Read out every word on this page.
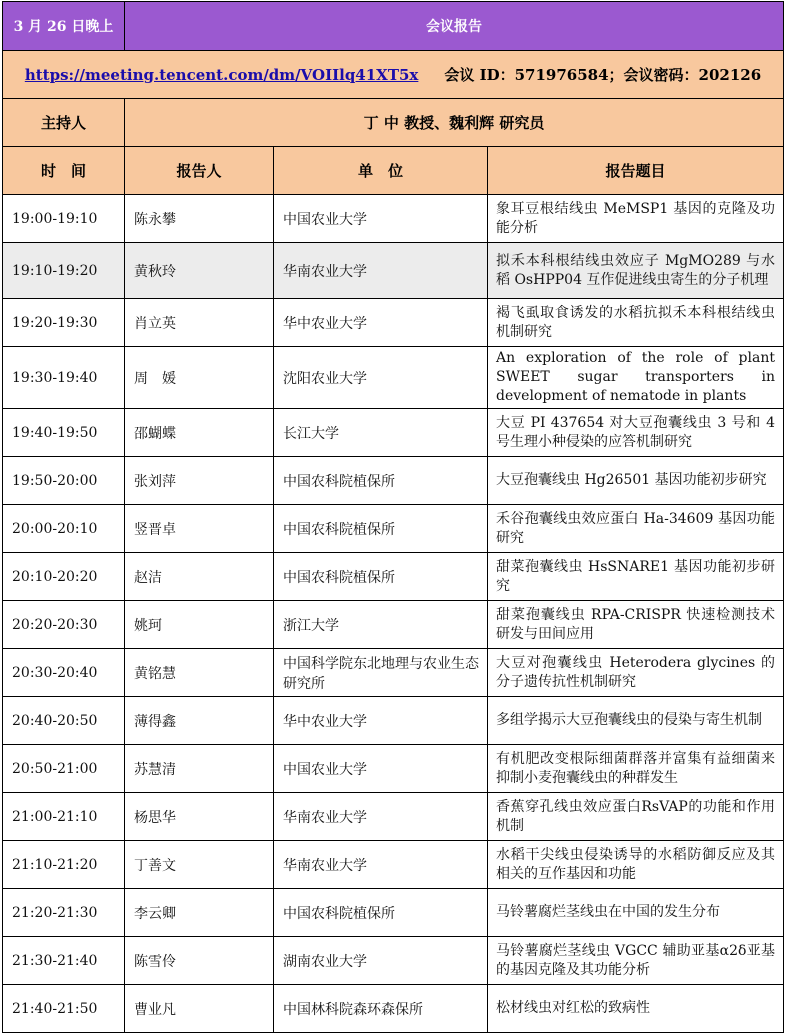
3 月 26 日晚上	会议报告		
https://meeting.tencent.com/dm/VOIIlq41XT5x 会议 ID：571976584；会议密码：202126			
主持人	丁 中 教授、魏利辉 研究员		
时　间	报告人	单　位	报告题目
19:00-19:10	陈永攀	中国农业大学	象耳豆根结线虫 MeMSP1 基因的克隆及功能分析
19:10-19:20	黄秋玲	华南农业大学	拟禾本科根结线虫效应子 MgMO289 与水稻 OsHPP04 互作促进线虫寄生的分子机理
19:20-19:30	肖立英	华中农业大学	褐飞虱取食诱发的水稻抗拟禾本科根结线虫机制研究
19:30-19:40	周　媛	沈阳农业大学	An exploration of the role of plant SWEET sugar transporters in development of nematode in plants
19:40-19:50	邵蝴蝶	长江大学	大豆 PI 437654 对大豆孢囊线虫 3 号和 4 号生理小种侵染的应答机制研究
19:50-20:00	张刘萍	中国农科院植保所	大豆孢囊线虫 Hg26501 基因功能初步研究
20:00-20:10	竖晋卓	中国农科院植保所	禾谷孢囊线虫效应蛋白 Ha-34609 基因功能研究
20:10-20:20	赵洁	中国农科院植保所	甜菜孢囊线虫 HsSNARE1 基因功能初步研究
20:20-20:30	姚珂	浙江大学	甜菜孢囊线虫 RPA-CRISPR 快速检测技术研发与田间应用
20:30-20:40	黄铭慧	中国科学院东北地理与农业生态研究所	大豆对孢囊线虫 Heterodera glycines 的分子遗传抗性机制研究
20:40-20:50	薄得鑫	华中农业大学	多组学揭示大豆孢囊线虫的侵染与寄生机制
20:50-21:00	苏慧清	中国农业大学	有机肥改变根际细菌群落并富集有益细菌来抑制小麦孢囊线虫的种群发生
21:00-21:10	杨思华	华南农业大学	香蕉穿孔线虫效应蛋白RsVAP的功能和作用机制
21:10-21:20	丁善文	华南农业大学	水稻干尖线虫侵染诱导的水稻防御反应及其相关的互作基因和功能
21:20-21:30	李云卿	中国农科院植保所	马铃薯腐烂茎线虫在中国的发生分布
21:30-21:40	陈雪伶	湖南农业大学	马铃薯腐烂茎线虫 VGCC 辅助亚基α2δ亚基的基因克隆及其功能分析
21:40-21:50	曹业凡	中国林科院森环森保所	松材线虫对红松的致病性
